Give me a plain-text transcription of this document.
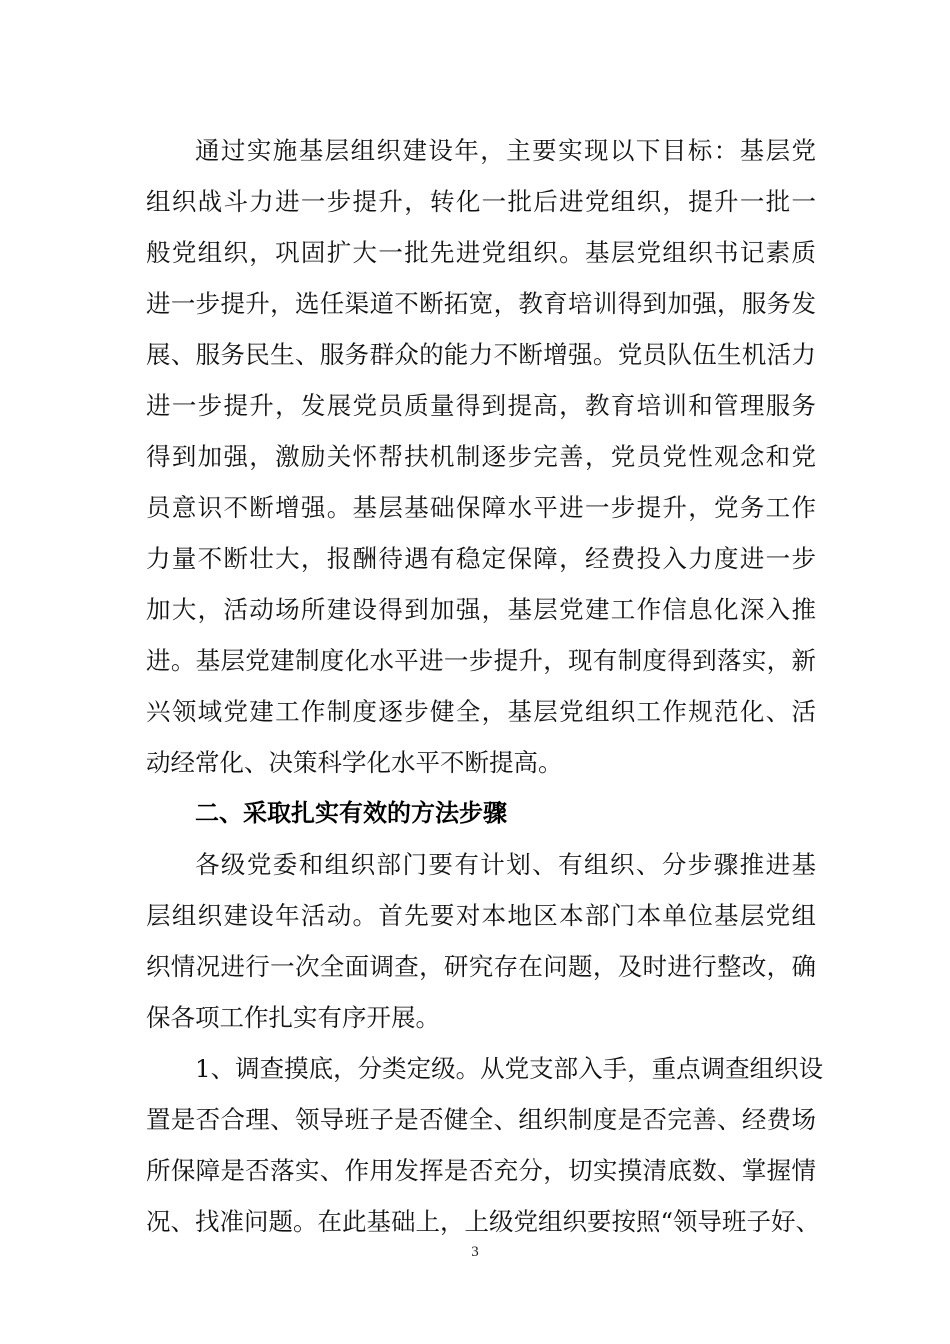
通过实施基层组织建设年，主要实现以下目标：基层党
组织战斗力进一步提升，转化一批后进党组织，提升一批一
般党组织，巩固扩大一批先进党组织。基层党组织书记素质
进一步提升，选任渠道不断拓宽，教育培训得到加强，服务发
展、服务民生、服务群众的能力不断增强。党员队伍生机活力
进一步提升，发展党员质量得到提高，教育培训和管理服务
得到加强，激励关怀帮扶机制逐步完善，党员党性观念和党
员意识不断增强。基层基础保障水平进一步提升，党务工作
力量不断壮大，报酬待遇有稳定保障，经费投入力度进一步
加大，活动场所建设得到加强，基层党建工作信息化深入推
进。基层党建制度化水平进一步提升，现有制度得到落实，新
兴领域党建工作制度逐步健全，基层党组织工作规范化、活
动经常化、决策科学化水平不断提高。
二、采取扎实有效的方法步骤
各级党委和组织部门要有计划、有组织、分步骤推进基
层组织建设年活动。首先要对本地区本部门本单位基层党组
织情况进行一次全面调查，研究存在问题，及时进行整改，确
保各项工作扎实有序开展。
1、调查摸底，分类定级。从党支部入手，重点调查组织设
置是否合理、领导班子是否健全、组织制度是否完善、经费场
所保障是否落实、作用发挥是否充分，切实摸清底数、掌握情
况、找准问题。在此基础上，上级党组织要按照“领导班子好、
3
